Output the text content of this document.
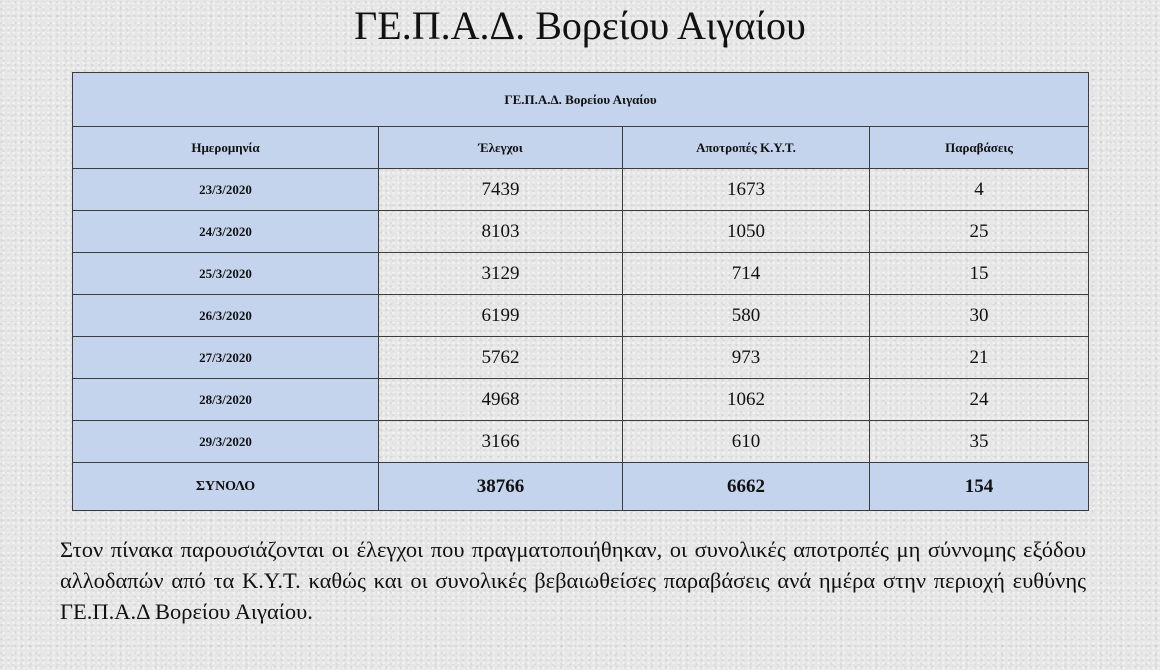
ΓΕ.Π.Α.Δ. Βορείου Αιγαίου
ΓΕ.Π.Α.Δ. Βορείου Αιγαίου			
Ημερομηνία	Έλεγχοι	Αποτροπές Κ.Υ.Τ.	Παραβάσεις
23/3/2020	7439	1673	4
24/3/2020	8103	1050	25
25/3/2020	3129	714	15
26/3/2020	6199	580	30
27/3/2020	5762	973	21
28/3/2020	4968	1062	24
29/3/2020	3166	610	35
ΣΥΝΟΛΟ	38766	6662	154
Στον πίνακα παρουσιάζονται οι έλεγχοι που πραγματοποιήθηκαν, οι συνολικές αποτροπές μη σύννομης εξόδου αλλοδαπών από τα Κ.Υ.Τ. καθώς και οι συνολικές βεβαιωθείσες παραβάσεις ανά ημέρα στην περιοχή ευθύνης ΓΕ.Π.Α.Δ Βορείου Αιγαίου.
